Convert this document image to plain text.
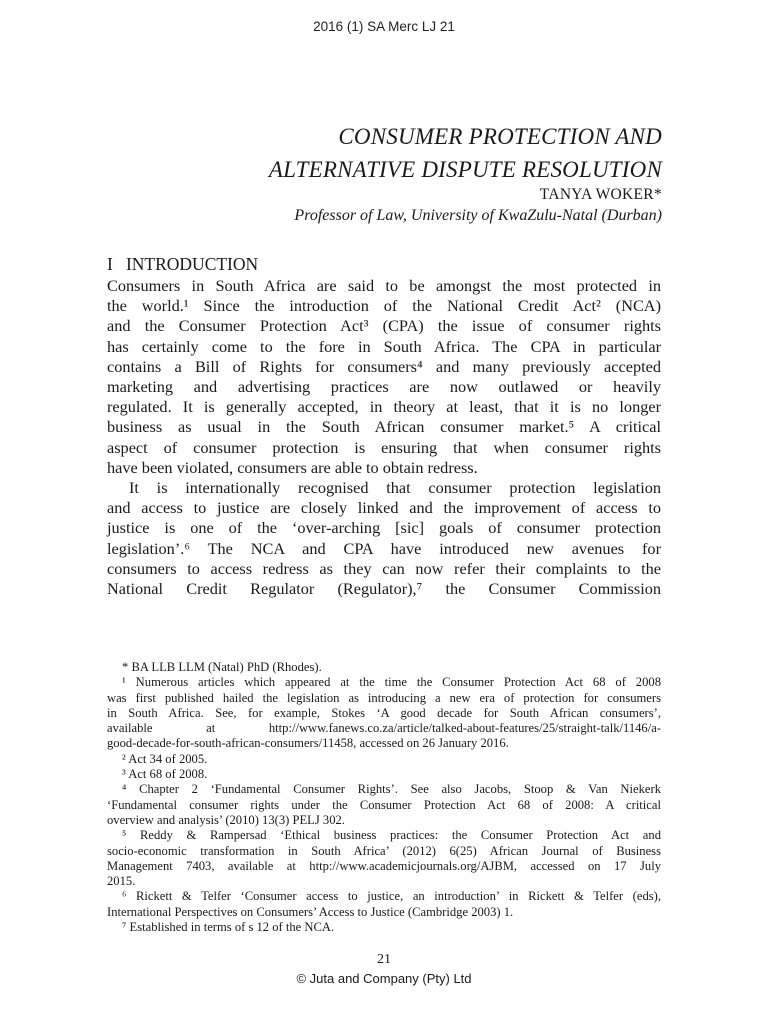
2016 (1) SA Merc LJ 21
CONSUMER PROTECTION AND
ALTERNATIVE DISPUTE RESOLUTION
TANYA WOKER*
Professor of Law, University of KwaZulu-Natal (Durban)
I   INTRODUCTION
Consumers in South Africa are said to be amongst the most protected in
the world.¹ Since the introduction of the National Credit Act² (NCA)
and the Consumer Protection Act³ (CPA) the issue of consumer rights
has certainly come to the fore in South Africa. The CPA in particular
contains a Bill of Rights for consumers⁴ and many previously accepted
marketing and advertising practices are now outlawed or heavily
regulated. It is generally accepted, in theory at least, that it is no longer
business as usual in the South African consumer market.⁵ A critical
aspect of consumer protection is ensuring that when consumer rights
have been violated, consumers are able to obtain redress.
It is internationally recognised that consumer protection legislation
and access to justice are closely linked and the improvement of access to
justice is one of the ‘over-arching [sic] goals of consumer protection
legislation’.⁶ The NCA and CPA have introduced new avenues for
consumers to access redress as they can now refer their complaints to the
National Credit Regulator (Regulator),⁷ the Consumer Commission
* BA LLB LLM (Natal) PhD (Rhodes).
¹ Numerous articles which appeared at the time the Consumer Protection Act 68 of 2008
was first published hailed the legislation as introducing a new era of protection for consumers
in South Africa. See, for example, Stokes ‘A good decade for South African consumers’,
available at http://www.fanews.co.za/article/talked-about-features/25/straight-talk/1146/a-
good-decade-for-south-african-consumers/11458, accessed on 26 January 2016.
² Act 34 of 2005.
³ Act 68 of 2008.
⁴ Chapter 2 ‘Fundamental Consumer Rights’. See also Jacobs, Stoop & Van Niekerk
‘Fundamental consumer rights under the Consumer Protection Act 68 of 2008: A critical
overview and analysis’ (2010) 13(3) PELJ 302.
⁵ Reddy & Rampersad ‘Ethical business practices: the Consumer Protection Act and
socio-economic transformation in South Africa’ (2012) 6(25) African Journal of Business
Management 7403, available at http://www.academicjournals.org/AJBM, accessed on 17 July
2015.
⁶ Rickett & Telfer ‘Consumer access to justice, an introduction’ in Rickett & Telfer (eds),
International Perspectives on Consumers’ Access to Justice (Cambridge 2003) 1.
⁷ Established in terms of s 12 of the NCA.
21
© Juta and Company (Pty) Ltd
